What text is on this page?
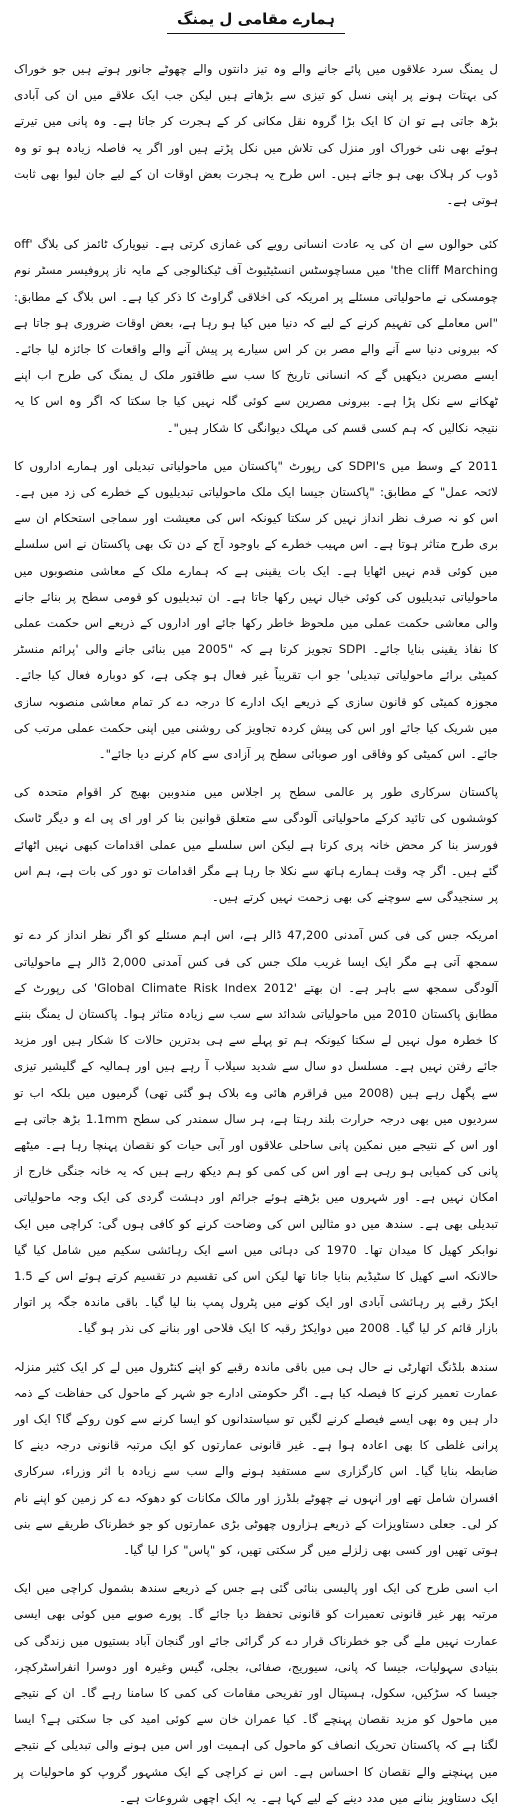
ہمارے مقامی ل یمنگ

ل یمنگ سرد علاقوں میں پائے جانے والے وہ تیز دانتوں والے چھوٹے جانور ہوتے ہیں جو خوراک کی بہتات ہونے پر اپنی نسل کو تیزی سے بڑھاتے ہیں لیکن جب ایک علاقے میں ان کی آبادی بڑھ جاتی ہے تو ان کا ایک بڑا گروہ نقل مکانی کر کے ہجرت کر جاتا ہے۔ وہ پانی میں تیرتے ہوئے بھی نئی خوراک اور منزل کی تلاش میں نکل پڑتے ہیں اور اگر یہ فاصلہ زیادہ ہو تو وہ ڈوب کر ہلاک بھی ہو جاتے ہیں۔ اس طرح یہ ہجرت بعض اوقات ان کے لیے جان لیوا بھی ثابت ہوتی ہے۔

کئی حوالوں سے ان کی یہ عادت انسانی رویے کی غمازی کرتی ہے۔ نیویارک ٹائمز کی بلاگ 'off the cliff Marching' میں مساچوسٹس انسٹیٹیوٹ آف ٹیکنالوجی کے مایہ ناز پروفیسر مسٹر نوم چومسکی نے ماحولیاتی مسئلے پر امریکہ کی اخلاقی گراوٹ کا ذکر کیا ہے۔ اس بلاگ کے مطابق: "اس معاملے کی تفہیم کرنے کے لیے کہ دنیا میں کیا ہو رہا ہے، بعض اوقات ضروری ہو جاتا ہے کہ بیرونی دنیا سے آنے والے مصر بن کر اس سیارے پر پیش آنے والے واقعات کا جائزہ لیا جائے۔ ایسے مصرین دیکھیں گے کہ انسانی تاریخ کا سب سے طاقتور ملک ل یمنگ کی طرح اب اپنے ٹھکانے سے نکل پڑا ہے۔ بیرونی مصرین سے کوئی گلہ نہیں کیا جا سکتا کہ اگر وہ اس کا یہ نتیجہ نکالیں کہ ہم کسی قسم کی مہلک دیوانگی کا شکار ہیں"۔

2011 کے وسط میں SDPI's کی رپورٹ "پاکستان میں ماحولیاتی تبدیلی اور ہمارے اداروں کا لائحہ عمل" کے مطابق: "پاکستان جیسا ایک ملک ماحولیاتی تبدیلیوں کے خطرے کی زد میں ہے۔ اس کو نہ صرف نظر انداز نہیں کر سکتا کیونکہ اس کی معیشت اور سماجی استحکام ان سے بری طرح متاثر ہوتا ہے۔ اس مہیب خطرے کے باوجود آج کے دن تک بھی پاکستان نے اس سلسلے میں کوئی قدم نہیں اٹھایا ہے۔ ایک بات یقینی ہے کہ ہمارے ملک کے معاشی منصوبوں میں ماحولیاتی تبدیلیوں کی کوئی خیال نہیں رکھا جاتا ہے۔ ان تبدیلیوں کو قومی سطح پر بنائے جانے والی معاشی حکمت عملی میں ملحوظ خاطر رکھا جائے اور اداروں کے ذریعے اس حکمت عملی کا نفاذ یقینی بنایا جائے۔ SDPI تجویز کرتا ہے کہ "2005 میں بنائی جانے والی 'پرائم منسٹر کمیٹی برائے ماحولیاتی تبدیلی' جو اب تقریباً غیر فعال ہو چکی ہے، کو دوبارہ فعال کیا جائے۔ مجوزہ کمیٹی کو قانون سازی کے ذریعے ایک ادارے کا درجہ دے کر تمام معاشی منصوبہ سازی میں شریک کیا جائے اور اس کی پیش کردہ تجاویز کی روشنی میں اپنی حکمت عملی مرتب کی جائے۔ اس کمیٹی کو وفاقی اور صوبائی سطح پر آزادی سے کام کرنے دیا جائے"۔

پاکستان سرکاری طور پر عالمی سطح پر اجلاس میں مندوبین بھیج کر اقوام متحدہ کی کوششوں کی تائید کرکے ماحولیاتی آلودگی سے متعلق قوانین بنا کر اور ای پی اے و دیگر ٹاسک فورسز بنا کر محض خانہ پری کرتا ہے لیکن اس سلسلے میں عملی اقدامات کبھی نہیں اٹھائے گئے ہیں۔ اگر چہ وقت ہمارے ہاتھ سے نکلا جا رہا ہے مگر اقدامات تو دور کی بات ہے، ہم اس پر سنجیدگی سے سوچنے کی بھی زحمت نہیں کرتے ہیں۔

امریکہ جس کی فی کس آمدنی 47,200 ڈالر ہے، اس اہم مسئلے کو اگر نظر انداز کر دے تو سمجھ آتی ہے مگر ایک ایسا غریب ملک جس کی فی کس آمدنی 2,000 ڈالر ہے ماحولیاتی آلودگی سمجھ سے باہر ہے۔ ان بھتے '2012 Global Climate Risk Index' کی رپورٹ کے مطابق پاکستان 2010 میں ماحولیاتی شدائد سے سب سے زیادہ متاثر ہوا۔ پاکستان ل یمنگ بننے کا خطرہ مول نہیں لے سکتا کیونکہ ہم تو پہلے سے ہی بدترین حالات کا شکار ہیں اور مزید جائے رفتن نہیں ہے۔ مسلسل دو سال سے شدید سیلاب آ رہے ہیں اور ہمالیہ کے گلیشیر تیزی سے پگھل رہے ہیں (2008 میں قراقرم ھائی وے بلاک ہو گئی تھی) گرمیوں میں بلکہ اب تو سردیوں میں بھی درجہ حرارت بلند رہتا ہے، ہر سال سمندر کی سطح 1.1mm بڑھ جاتی ہے اور اس کے نتیجے میں نمکین پانی ساحلی علاقوں اور آبی حیات کو نقصان پہنچا رہا ہے۔ میٹھے پانی کی کمیابی ہو رہی ہے اور اس کی کمی کو ہم دیکھ رہے ہیں کہ یہ خانہ جنگی خارج از امکان نہیں ہے۔ اور شہروں میں بڑھتے ہوئے جرائم اور دہشت گردی کی ایک وجہ ماحولیاتی تبدیلی بھی ہے۔ سندھ میں دو مثالیں اس کی وضاحت کرنے کو کافی ہوں گی: کراچی میں ایک نوابکر کھیل کا میدان تھا۔ 1970 کی دہائی میں اسے ایک رہائشی سکیم میں شامل کیا گیا حالانکہ اسے کھیل کا سٹیڈیم بنایا جانا تھا لیکن اس کی تقسیم در تقسیم کرتے ہوئے اس کے 1.5 ایکڑ رقبے پر رہائشی آبادی اور ایک کونے میں پٹرول پمپ بنا لیا گیا۔ باقی ماندہ جگہ پر اتوار بازار قائم کر لیا گیا۔ 2008 میں دوایکڑ رقبہ کا ایک فلاحی اور بنانے کی نذر ہو گیا۔

سندھ بلڈنگ اتھارٹی نے حال ہی میں باقی ماندہ رقبے کو اپنے کنٹرول میں لے کر ایک کثیر منزلہ عمارت تعمیر کرنے کا فیصلہ کیا ہے۔ اگر حکومتی ادارے جو شہر کے ماحول کی حفاظت کے ذمہ دار ہیں وہ بھی ایسے فیصلے کرنے لگیں تو سیاستدانوں کو ایسا کرنے سے کون روکے گا؟ ایک اور پرانی غلطی کا بھی اعادہ ہوا ہے۔ غیر قانونی عمارتوں کو ایک مرتبہ قانونی درجہ دینے کا ضابطہ بنایا گیا۔ اس کارگزاری سے مستفید ہونے والے سب سے زیادہ با اثر وزراء، سرکاری افسران شامل تھے اور انہوں نے چھوٹے بلڈرز اور مالک مکانات کو دھوکہ دے کر زمین کو اپنے نام کر لی۔ جعلی دستاویزات کے ذریعے ہزاروں چھوٹی بڑی عمارتوں کو جو خطرناک طریقے سے بنی ہوتی تھیں اور کسی بھی زلزلے میں گر سکتی تھیں، کو "پاس" کرا لیا گیا۔

اب اسی طرح کی ایک اور پالیسی بنائی گئی ہے جس کے ذریعے سندھ بشمول کراچی میں ایک مرتبہ پھر غیر قانونی تعمیرات کو قانونی تحفظ دیا جائے گا۔ پورے صوبے میں کوئی بھی ایسی عمارت نہیں ملے گی جو خطرناک قرار دے کر گرائی جائے اور گنجان آباد بستیوں میں زندگی کی بنیادی سہولیات، جیسا کہ پانی، سیوریج، صفائی، بجلی، گیس وغیرہ اور دوسرا انفراسٹرکچر، جیسا کہ سڑکیں، سکول، ہسپتال اور تفریحی مقامات کی کمی کا سامنا رہے گا۔ ان کے نتیجے میں ماحول کو مزید نقصان پہنچے گا۔ کیا عمران خان سے کوئی امید کی جا سکتی ہے؟ ایسا لگتا ہے کہ پاکستان تحریک انصاف کو ماحول کی اہمیت اور اس میں ہونے والی تبدیلی کے نتیجے میں پہنچنے والے نقصان کا احساس ہے۔ اس نے کراچی کے ایک مشہور گروپ کو ماحولیات پر ایک دستاویز بنانے میں مدد دینے کے لیے کہا ہے۔ یہ ایک اچھی شروعات ہے۔
